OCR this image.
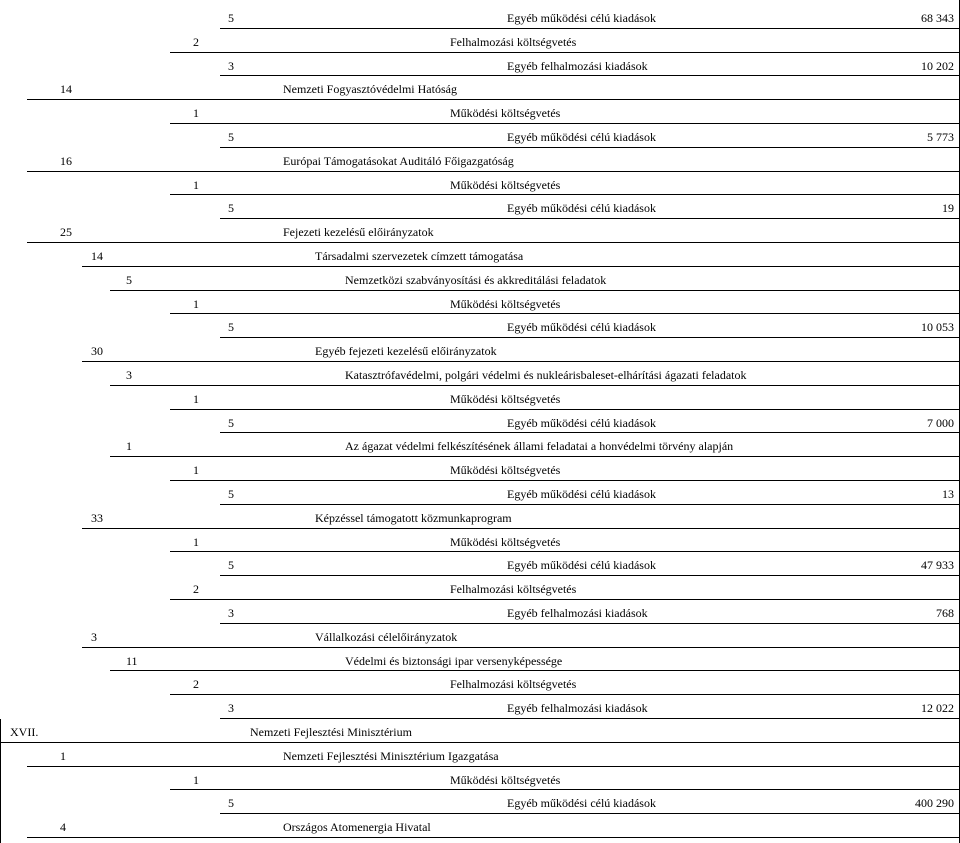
5	Egyéb működési célú kiadások	68 343
2	Felhalmozási költségvetés
3	Egyéb felhalmozási kiadások	10 202
14	Nemzeti Fogyasztóvédelmi Hatóság
1	Működési költségvetés
5	Egyéb működési célú kiadások	5 773
16	Európai Támogatásokat Auditáló Főigazgatóság
1	Működési költségvetés
5	Egyéb működési célú kiadások	19
25	Fejezeti kezelésű előirányzatok
14	Társadalmi szervezetek címzett támogatása
5	Nemzetközi szabványosítási és akkreditálási feladatok
1	Működési költségvetés
5	Egyéb működési célú kiadások	10 053
30	Egyéb fejezeti kezelésű előirányzatok
3	Katasztrófavédelmi, polgári védelmi és nukleárisbaleset-elhárítási ágazati feladatok
1	Működési költségvetés
5	Egyéb működési célú kiadások	7 000
1	Az ágazat védelmi felkészítésének állami feladatai a honvédelmi törvény alapján
1	Működési költségvetés
5	Egyéb működési célú kiadások	13
33	Képzéssel támogatott közmunkaprogram
1	Működési költségvetés
5	Egyéb működési célú kiadások	47 933
2	Felhalmozási költségvetés
3	Egyéb felhalmozási kiadások	768
3	Vállalkozási célelőirányzatok
11	Védelmi és biztonsági ipar versenyképessége
2	Felhalmozási költségvetés
3	Egyéb felhalmozási kiadások	12 022
XVII.	Nemzeti Fejlesztési Minisztérium
1	Nemzeti Fejlesztési Minisztérium Igazgatása
1	Működési költségvetés
5	Egyéb működési célú kiadások	400 290
4	Országos Atomenergia Hivatal
